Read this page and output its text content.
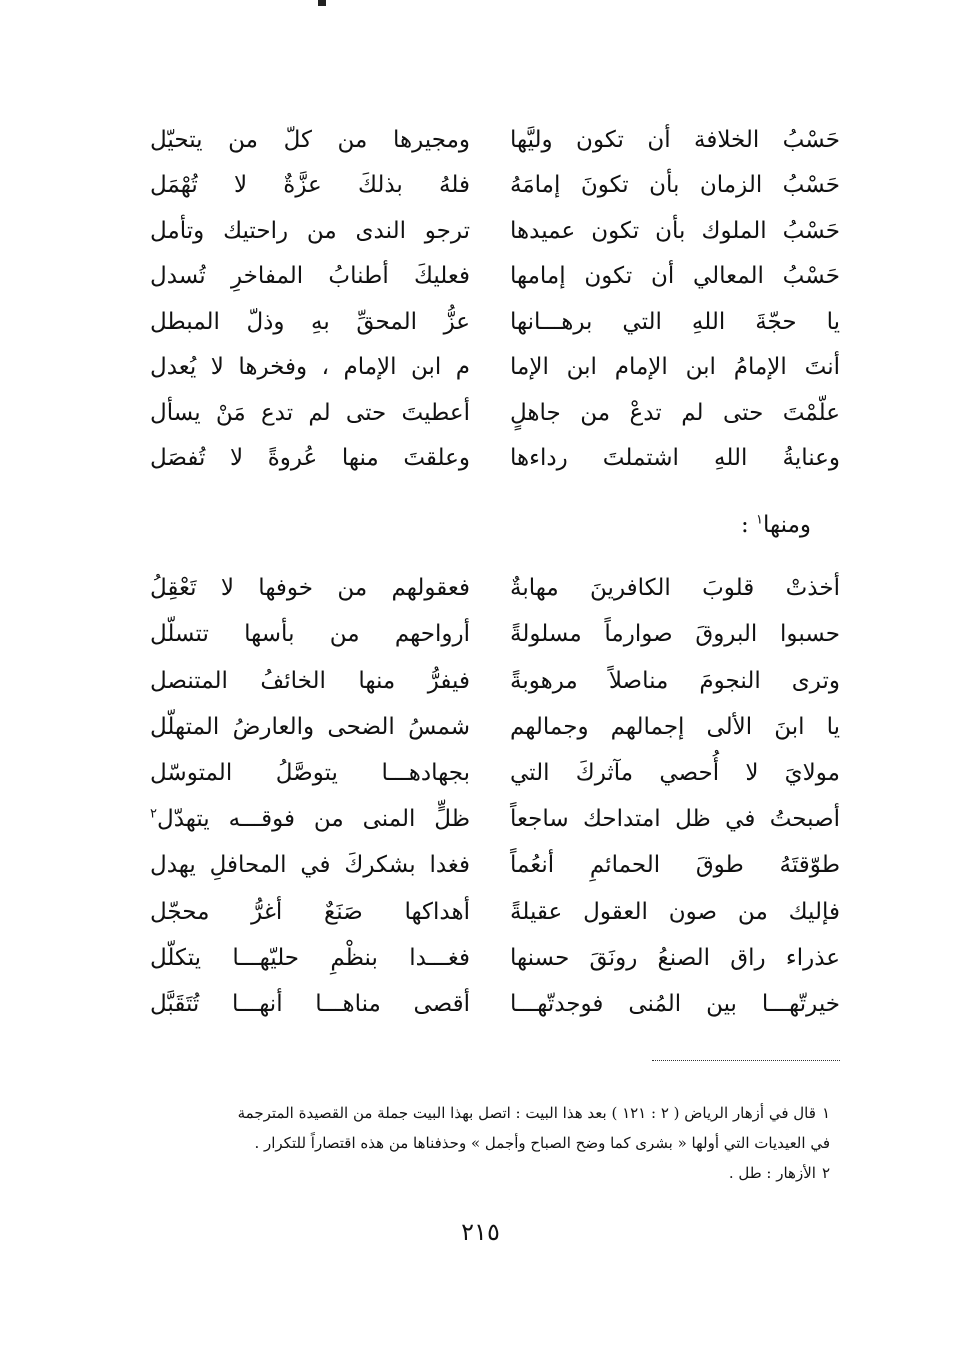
حَسْبُ الخلافة أن تكون وليَّها
ومجيرها من كلّ من يتحيّل
حَسْبُ الزمان بأن تكونَ إمامَهُ
فلهُ بذلكَ عزَّةٌ لا تُهْمَل
حَسْبُ الملوك بأن تكون عميدها
ترجو الندى من راحتيك وتأمل
حَسْبُ المعالي أن تكون إمامها
فعليكَ أطنابُ المفاخرِ تُسدل
يا حجّةَ اللهِ التي برهـــانها
عزُّ المحقِّ بهِ وذلّ المبطل
أنتَ الإمامُ ابن الإمام ابن الإما
م ابن الإمام ، وفخرها لا يُعدل
علّمْتَ حتى لم تدعْ من جاهلٍ
أعطيتَ حتى لم تدع مَنْ يسأل
وعنايةُ اللهِ اشتملتَ رداءها
وعلقتَ منها عُروةً لا تُفصَل
ومنها$^١$ :
أخذتْ قلوبَ الكافرينَ مهابةٌ
فعقولهم من خوفها لا تَعْقِلُ
حسبوا البروقَ صوارماً مسلولةً
أرواحهم من بأسها تتسلّل
وترى النجومَ مناصلاً مرهوبةً
فيفرُّ منها الخائفُ المتنصل
يا ابنَ الألى إجمالهم وجمالهم
شمسُ الضحى والعارضُ المتهلّل
مولايَ لا أُحصي مآثركَ التي
بجهادهـــا يتوصَّلُ المتوسّل
أصبحتُ في ظل امتداحك ساجعاً
ظلٍّ المنى من فوقـــه يتهدّل$^٢$
طوّقتَهُ طوقَ الحمائمِ أنعُماً
فغدا بشكركَ في المحافلِ يهدل
فإليك من صون العقول عقيلةً
أهداكها صَنَعٌ أغرُّ محجّل
عذراء راق الصنعُ رونَقَ حسنها
فغـــدا بنظْمِ حليّهـــا يتكلّل
خيرتّهـــا بين المُنى فوجدتّهـــا
أقصى مناهـــا أنهـــا تُتَقَبَّل
١قال في أزهار الرياض ( ٢ : ١٢١ ) بعد هذا البيت : اتصل بهذا البيت جملة من القصيدة المترجمة
في العيديات التي أولها « بشرى كما وضح الصباح وأجمل » وحذفناها من هذه اقتصاراً للتكرار .
٢الأزهار : طل .
٢١٥
